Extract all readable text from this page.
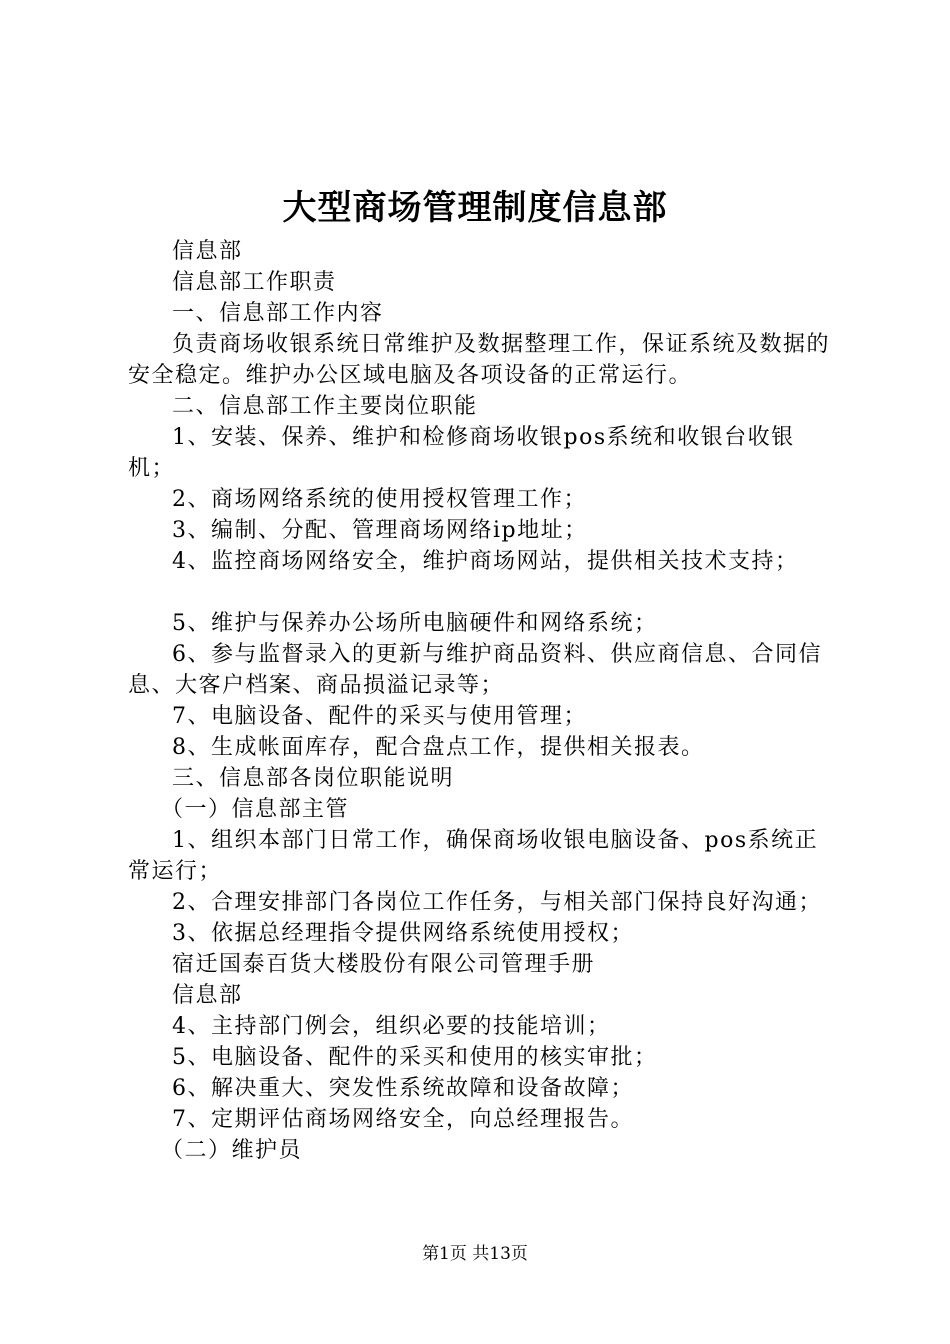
大型商场管理制度信息部

信息部

信息部工作职责

一、信息部工作内容

负责商场收银系统日常维护及数据整理工作，保证系统及数据的安全稳定。维护办公区域电脑及各项设备的正常运行。

二、信息部工作主要岗位职能

1、安装、保养、维护和检修商场收银pos系统和收银台收银机；

2、商场网络系统的使用授权管理工作；

3、编制、分配、管理商场网络ip地址；

4、监控商场网络安全，维护商场网站，提供相关技术支持；

5、维护与保养办公场所电脑硬件和网络系统；

6、参与监督录入的更新与维护商品资料、供应商信息、合同信息、大客户档案、商品损溢记录等；

7、电脑设备、配件的采买与使用管理；

8、生成帐面库存，配合盘点工作，提供相关报表。

三、信息部各岗位职能说明

（一）信息部主管

1、组织本部门日常工作，确保商场收银电脑设备、pos系统正常运行；

2、合理安排部门各岗位工作任务，与相关部门保持良好沟通；

3、依据总经理指令提供网络系统使用授权；

宿迁国泰百货大楼股份有限公司管理手册

信息部

4、主持部门例会，组织必要的技能培训；

5、电脑设备、配件的采买和使用的核实审批；

6、解决重大、突发性系统故障和设备故障；

7、定期评估商场网络安全，向总经理报告。

（二）维护员

第1页 共13页
